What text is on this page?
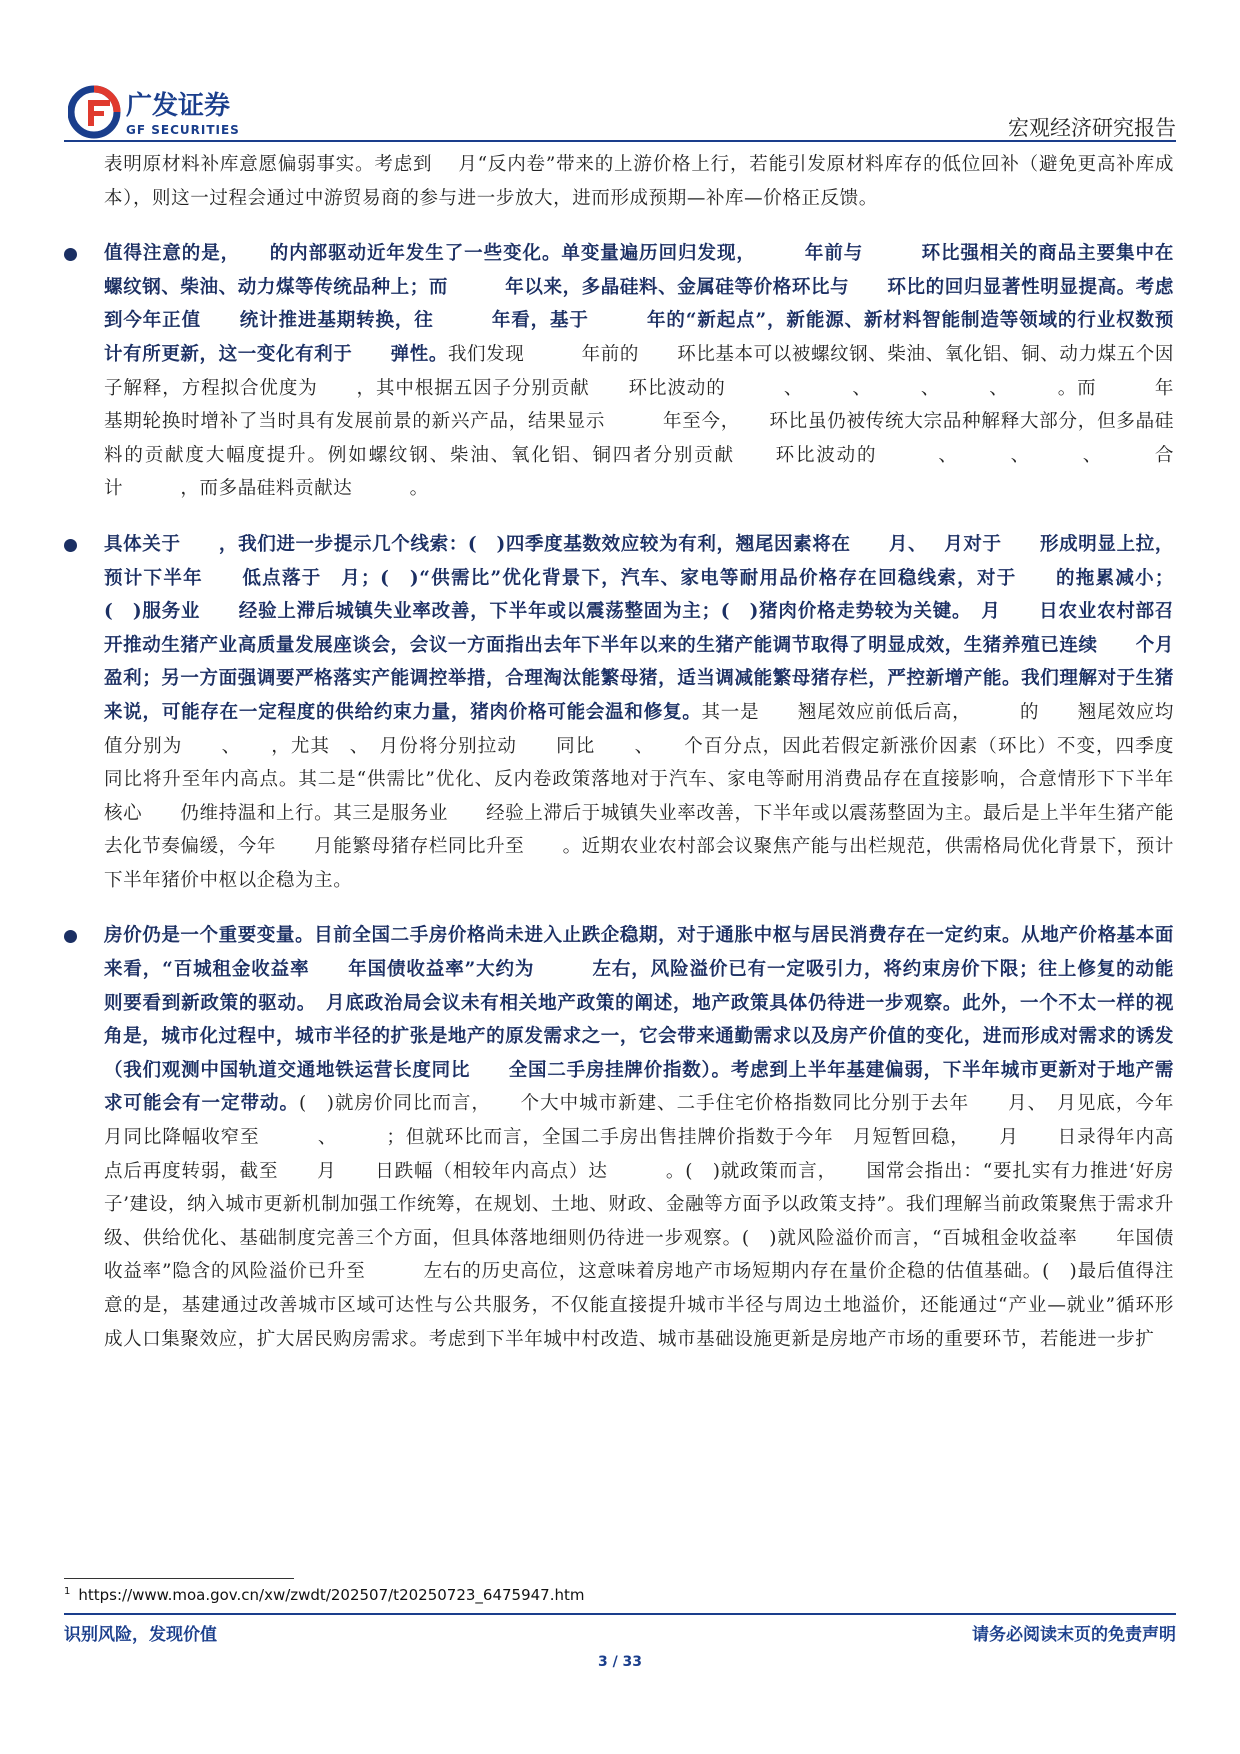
广发证券
GF SECURITIES	宏观经济研究报告

表明原材料补库意愿偏弱事实。考虑到　 月“反内卷”带来的上游价格上行，若能引发原材料库存的低位回补（避免更高补库成本），则这一过程会通过中游贸易商的参与进一步放大，进而形成预期—补库—价格正反馈。

值得注意的是，　　的内部驱动近年发生了一些变化。单变量遍历回归发现，　　　年前与　　　环比强相关的商品主要集中在螺纹钢、柴油、动力煤等传统品种上；而　　　年以来，多晶硅料、金属硅等价格环比与　　环比的回归显著性明显提高。考虑到今年正值　　统计推进基期转换，往　　　年看，基于　　　年的“新起点”，新能源、新材料智能制造等领域的行业权数预计有所更新，这一变化有利于　　弹性。我们发现　　　年前的　　环比基本可以被螺纹钢、柴油、氧化铝、铜、动力煤五个因子解释，方程拟合优度为　　，其中根据五因子分别贡献　　环比波动的　　　、　　　、　　　、　　　、　　　。而　　　年基期轮换时增补了当时具有发展前景的新兴产品，结果显示　　　年至今，　　环比虽仍被传统大宗品种解释大部分，但多晶硅料的贡献度大幅度提升。例如螺纹钢、柴油、氧化铝、铜四者分别贡献　　环比波动的　　　、　　　、　　　、　　　合计　　　，而多晶硅料贡献达　　　。

具体关于　　，我们进一步提示几个线索：(　)四季度基数效应较为有利，翘尾因素将在　　月、　 月对于　　形成明显上拉，预计下半年　　低点落于　月；(　)“供需比”优化背景下，汽车、家电等耐用品价格存在回稳线索，对于　　的拖累减小；(　)服务业　　经验上滞后城镇失业率改善，下半年或以震荡整固为主；(　)猪肉价格走势较为关键。　月　　日农业农村部召开推动生猪产业高质量发展座谈会，会议一方面指出去年下半年以来的生猪产能调节取得了明显成效，生猪养殖已连续　　个月盈利；另一方面强调要严格落实产能调控举措，合理淘汰能繁母猪，适当调减能繁母猪存栏，严控新增产能。我们理解对于生猪来说，可能存在一定程度的供给约束力量，猪肉价格可能会温和修复。其一是　　翘尾效应前低后高，　　　的　　翘尾效应均值分别为　　、　　，尤其　、　月份将分别拉动　　同比　　、　　个百分点，因此若假定新涨价因素（环比）不变，四季度　　同比将升至年内高点。其二是“供需比”优化、反内卷政策落地对于汽车、家电等耐用消费品存在直接影响，合意情形下下半年核心　　仍维持温和上行。其三是服务业　　经验上滞后于城镇失业率改善，下半年或以震荡整固为主。最后是上半年生猪产能去化节奏偏缓，今年　　月能繁母猪存栏同比升至　　。近期农业农村部会议聚焦产能与出栏规范，供需格局优化背景下，预计下半年猪价中枢以企稳为主。

房价仍是一个重要变量。目前全国二手房价格尚未进入止跌企稳期，对于通胀中枢与居民消费存在一定约束。从地产价格基本面来看，“百城租金收益率　　年国债收益率”大约为　　　左右，风险溢价已有一定吸引力，将约束房价下限；往上修复的动能则要看到新政策的驱动。　月底政治局会议未有相关地产政策的阐述，地产政策具体仍待进一步观察。此外，一个不太一样的视角是，城市化过程中，城市半径的扩张是地产的原发需求之一，它会带来通勤需求以及房产价值的变化，进而形成对需求的诱发（我们观测中国轨道交通地铁运营长度同比　　全国二手房挂牌价指数）。考虑到上半年基建偏弱，下半年城市更新对于地产需求可能会有一定带动。(　)就房价同比而言，　　个大中城市新建、二手住宅价格指数同比分别于去年　　月、　月见底，今年　月同比降幅收窄至　　　、　　　；但就环比而言，全国二手房出售挂牌价指数于今年　月短暂回稳，　　月　　日录得年内高点后再度转弱，截至　　月　　日跌幅（相较年内高点）达　　　。(　)就政策而言，　　国常会指出：“要扎实有力推进‘好房子’建设，纳入城市更新机制加强工作统筹，在规划、土地、财政、金融等方面予以政策支持”。我们理解当前政策聚焦于需求升级、供给优化、基础制度完善三个方面，但具体落地细则仍待进一步观察。(　)就风险溢价而言，“百城租金收益率　　年国债收益率”隐含的风险溢价已升至　　　左右的历史高位，这意味着房地产市场短期内存在量价企稳的估值基础。(　)最后值得注意的是，基建通过改善城市区域可达性与公共服务，不仅能直接提升城市半径与周边土地溢价，还能通过“产业—就业”循环形成人口集聚效应，扩大居民购房需求。考虑到下半年城中村改造、城市基础设施更新是房地产市场的重要环节，若能进一步扩

$^1$ https://www.moa.gov.cn/xw/zwdt/202507/t20250723_6475947.htm
识别风险，发现价值	请务必阅读末页的免责声明
3 / 33
